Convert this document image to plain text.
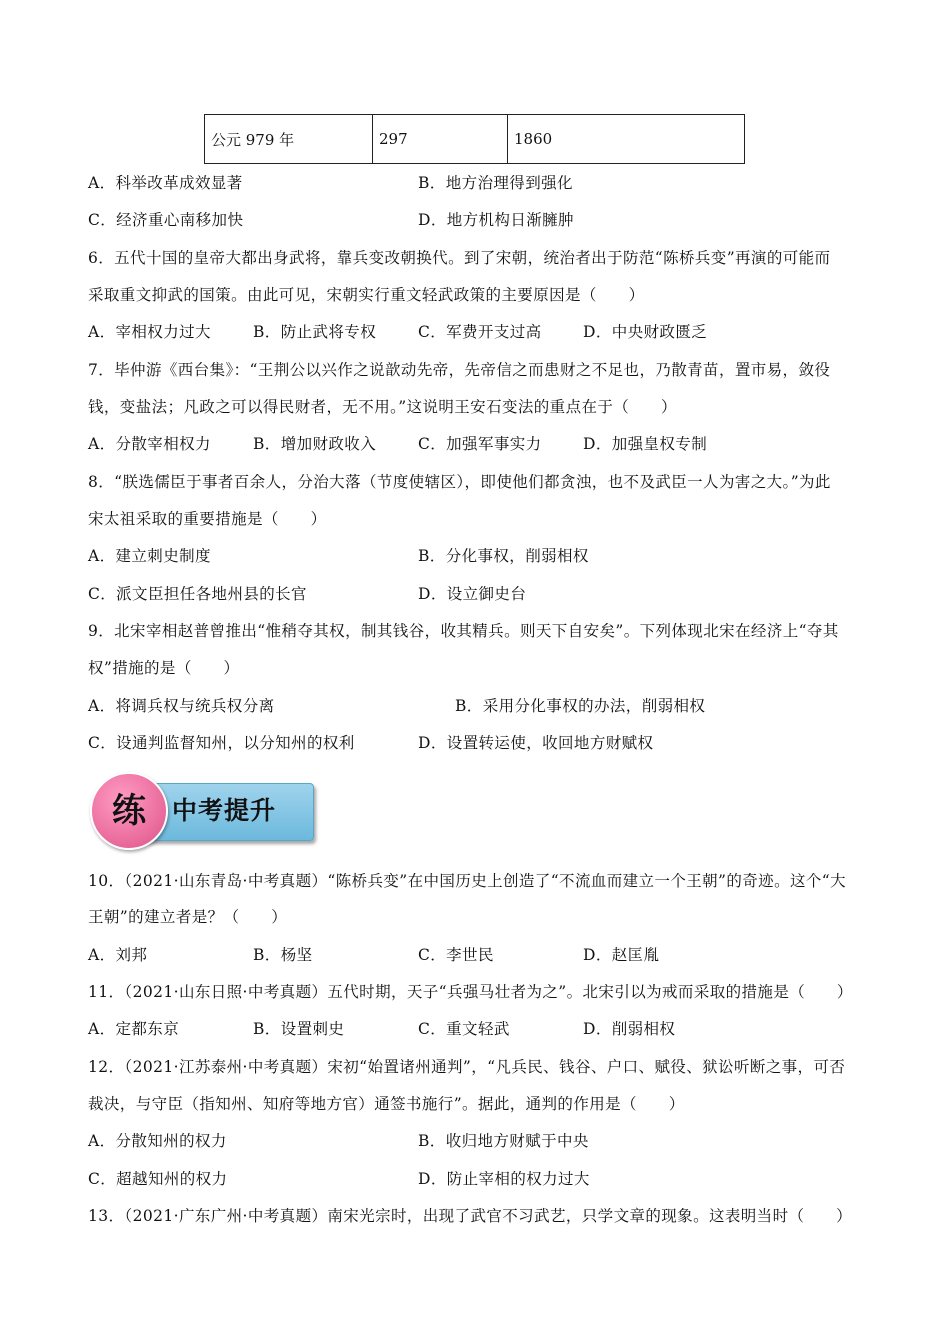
公元 979 年	297	1860
A．科举改革成效显著	B．地方治理得到强化
C．经济重心南移加快	D．地方机构日渐臃肿
6．五代十国的皇帝大都出身武将，靠兵变改朝换代。到了宋朝，统治者出于防范“陈桥兵变”再演的可能而
采取重文抑武的国策。由此可见，宋朝实行重文轻武政策的主要原因是（　　）
A．宰相权力过大	B．防止武将专权	C．军费开支过高	D．中央财政匮乏
7．毕仲游《西台集》：“王荆公以兴作之说歆动先帝，先帝信之而患财之不足也，乃散青苗，置市易，敛役
钱，变盐法；凡政之可以得民财者，无不用。”这说明王安石变法的重点在于（　　）
A．分散宰相权力	B．增加财政收入	C．加强军事实力	D．加强皇权专制
8．“朕选儒臣于事者百余人，分治大落（节度使辖区），即使他们都贪浊，也不及武臣一人为害之大。”为此
宋太祖采取的重要措施是（　　）
A．建立刺史制度	B．分化事权，削弱相权
C．派文臣担任各地州县的长官	D．设立御史台
9．北宋宰相赵普曾推出“惟稍夺其权，制其钱谷，收其精兵。则天下自安矣”。下列体现北宋在经济上“夺其
权”措施的是（　　）
A．将调兵权与统兵权分离	B．采用分化事权的办法，削弱相权
C．设通判监督知州，以分知州的权利	D．设置转运使，收回地方财赋权
练	中考提升
10．（2021·山东青岛·中考真题）“陈桥兵变”在中国历史上创造了“不流血而建立一个王朝”的奇迹。这个“大
王朝”的建立者是？（　　）
A．刘邦	B．杨坚	C．李世民	D．赵匡胤
11．（2021·山东日照·中考真题）五代时期，天子“兵强马壮者为之”。北宋引以为戒而采取的措施是（　　）
A．定都东京	B．设置刺史	C．重文轻武	D．削弱相权
12．（2021·江苏泰州·中考真题）宋初“始置诸州通判”，“凡兵民、钱谷、户口、赋役、狱讼听断之事，可否
裁决，与守臣（指知州、知府等地方官）通签书施行”。据此，通判的作用是（　　）
A．分散知州的权力	B．收归地方财赋于中央
C．超越知州的权力	D．防止宰相的权力过大
13．（2021·广东广州·中考真题）南宋光宗时，出现了武官不习武艺，只学文章的现象。这表明当时（　　）
